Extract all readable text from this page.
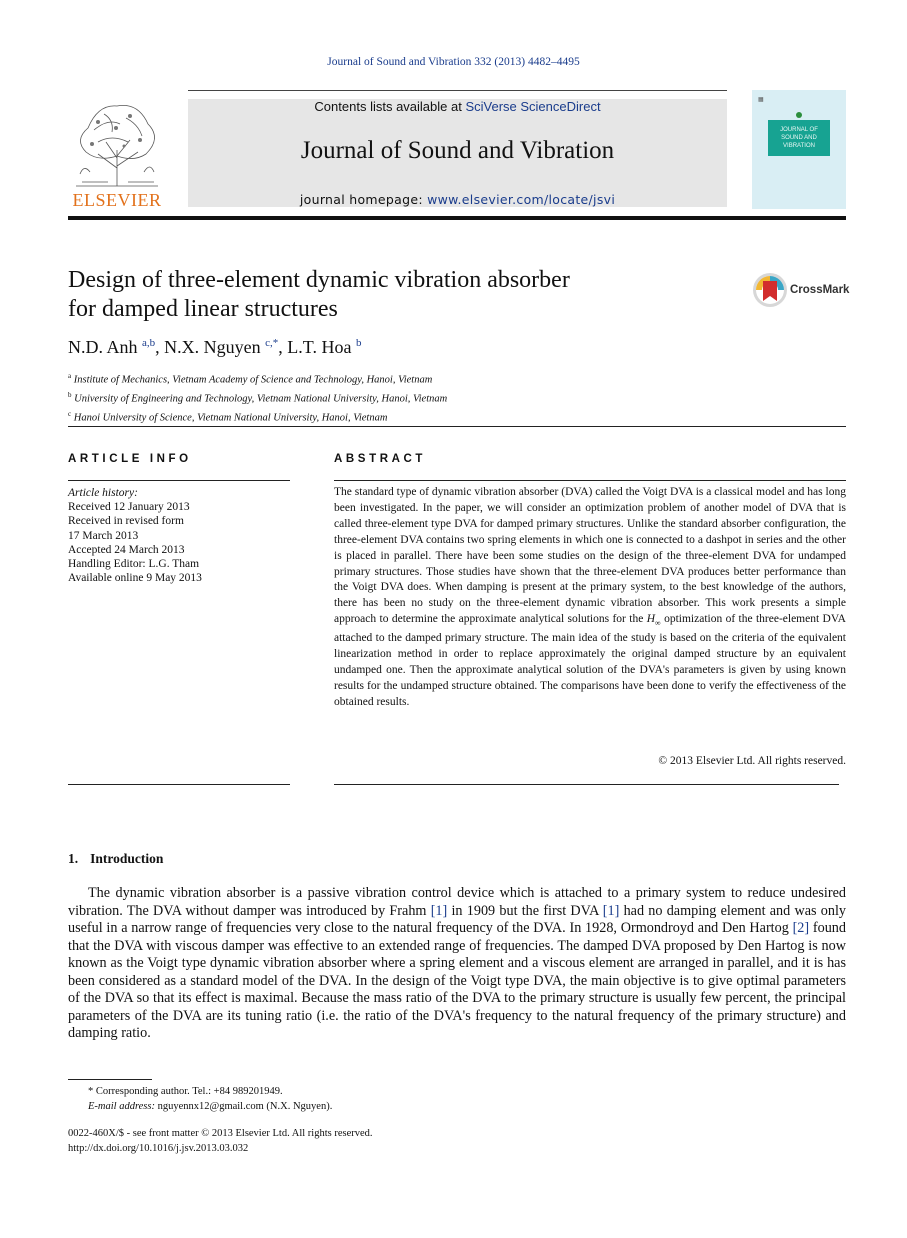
Journal of Sound and Vibration 332 (2013) 4482–4495
ELSEVIER
Contents lists available at SciVerse ScienceDirect
Journal of Sound and Vibration
journal homepage: www.elsevier.com/locate/jsvi
▦
JOURNAL OF
SOUND AND
VIBRATION
Design of three-element dynamic vibration absorber
for damped linear structures
CrossMark
N.D. Anh $^{a,b}$, N.X. Nguyen $^{c,*}$, L.T. Hoa $^b$
$^a$ Institute of Mechanics, Vietnam Academy of Science and Technology, Hanoi, Vietnam
$^b$ University of Engineering and Technology, Vietnam National University, Hanoi, Vietnam
$^c$ Hanoi University of Science, Vietnam National University, Hanoi, Vietnam
ARTICLE INFO
Article history:
Received 12 January 2013
Received in revised form
17 March 2013
Accepted 24 March 2013
Handling Editor: L.G. Tham
Available online 9 May 2013
ABSTRACT
The standard type of dynamic vibration absorber (DVA) called the Voigt DVA is a classical model and has long been investigated. In the paper, we will consider an optimization problem of another model of DVA that is called three-element type DVA for damped primary structures. Unlike the standard absorber configuration, the three-element DVA contains two spring elements in which one is connected to a dashpot in series and the other is placed in parallel. There have been some studies on the design of the three-element DVA for undamped primary structures. Those studies have shown that the three-element DVA produces better performance than the Voigt DVA does. When damping is present at the primary system, to the best knowledge of the authors, there has been no study on the three-element dynamic vibration absorber. This work presents a simple approach to determine the approximate analytical solutions for the $H_\infty$ optimization of the three-element DVA attached to the damped primary structure. The main idea of the study is based on the criteria of the equivalent linearization method in order to replace approximately the original damped structure by an equivalent undamped one. Then the approximate analytical solution of the DVA's parameters is given by using known results for the undamped structure obtained. The comparisons have been done to verify the effectiveness of the obtained results.
© 2013 Elsevier Ltd. All rights reserved.
1. Introduction
The dynamic vibration absorber is a passive vibration control device which is attached to a primary system to reduce undesired vibration. The DVA without damper was introduced by Frahm [1] in 1909 but the first DVA [1] had no damping element and was only useful in a narrow range of frequencies very close to the natural frequency of the DVA. In 1928, Ormondroyd and Den Hartog [2] found that the DVA with viscous damper was effective to an extended range of frequencies. The damped DVA proposed by Den Hartog is now known as the Voigt type dynamic vibration absorber where a spring element and a viscous element are arranged in parallel, and it is has been considered as a standard model of the DVA. In the design of the Voigt type DVA, the main objective is to give optimal parameters of the DVA so that its effect is maximal. Because the mass ratio of the DVA to the primary structure is usually few percent, the principal parameters of the DVA are its tuning ratio (i.e. the ratio of the DVA's frequency to the natural frequency of the primary structure) and damping ratio.
* Corresponding author. Tel.: +84 989201949.
E-mail address: nguyennx12@gmail.com (N.X. Nguyen).
0022-460X/$ - see front matter © 2013 Elsevier Ltd. All rights reserved.
http://dx.doi.org/10.1016/j.jsv.2013.03.032
